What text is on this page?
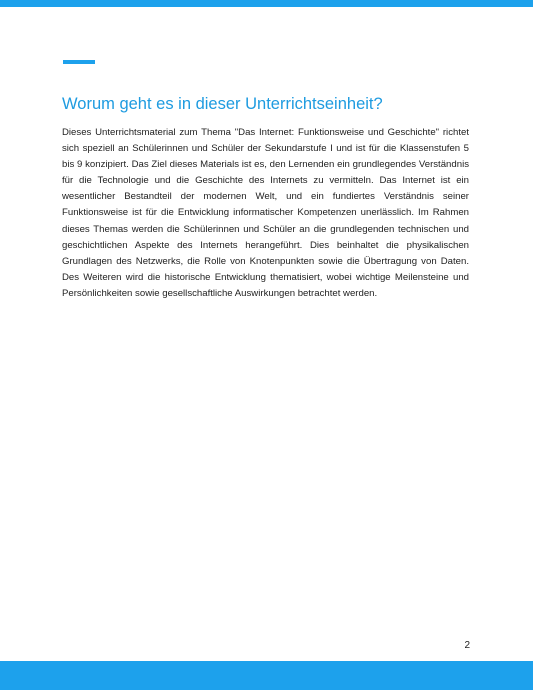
Worum geht es in dieser Unterrichtseinheit?

Dieses Unterrichtsmaterial zum Thema "Das Internet: Funktionsweise und Geschichte" richtet sich speziell an Schülerinnen und Schüler der Sekundarstufe I und ist für die Klassenstufen 5 bis 9 konzipiert. Das Ziel dieses Materials ist es, den Lernenden ein grundlegendes Verständnis für die Technologie und die Geschichte des Internets zu vermitteln. Das Internet ist ein wesentlicher Bestandteil der modernen Welt, und ein fundiertes Verständnis seiner Funktionsweise ist für die Entwicklung informatischer Kompetenzen unerlässlich. Im Rahmen dieses Themas werden die Schülerinnen und Schüler an die grundlegenden technischen und geschichtlichen Aspekte des Internets herangeführt. Dies beinhaltet die physikalischen Grundlagen des Netzwerks, die Rolle von Knotenpunkten sowie die Übertragung von Daten. Des Weiteren wird die historische Entwicklung thematisiert, wobei wichtige Meilensteine und Persönlichkeiten sowie gesellschaftliche Auswirkungen betrachtet werden.

2
